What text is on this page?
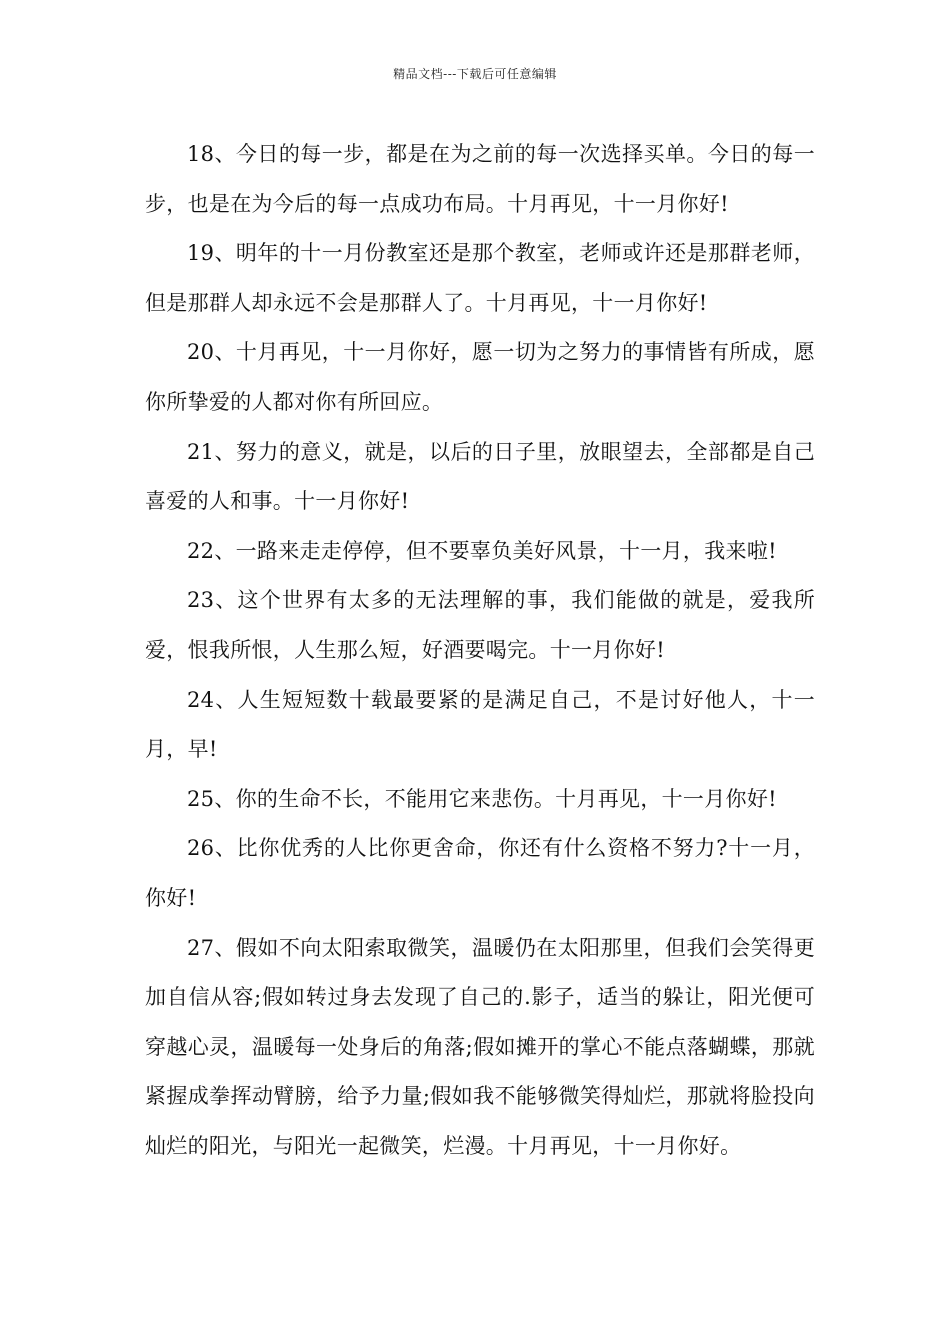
精品文档---下载后可任意编辑

18、今日的每一步，都是在为之前的每一次选择买单。今日的每一步，也是在为今后的每一点成功布局。十月再见，十一月你好!

19、明年的十一月份教室还是那个教室，老师或许还是那群老师，但是那群人却永远不会是那群人了。十月再见，十一月你好!

20、十月再见，十一月你好，愿一切为之努力的事情皆有所成，愿你所挚爱的人都对你有所回应。

21、努力的意义，就是，以后的日子里，放眼望去，全部都是自己喜爱的人和事。十一月你好!

22、一路来走走停停，但不要辜负美好风景，十一月，我来啦!

23、这个世界有太多的无法理解的事，我们能做的就是，爱我所爱，恨我所恨，人生那么短，好酒要喝完。十一月你好!

24、人生短短数十载最要紧的是满足自己，不是讨好他人，十一月，早!

25、你的生命不长，不能用它来悲伤。十月再见，十一月你好!

26、比你优秀的人比你更舍命，你还有什么资格不努力?十一月，你好!

27、假如不向太阳索取微笑，温暖仍在太阳那里，但我们会笑得更加自信从容;假如转过身去发现了自己的.影子，适当的躲让，阳光便可穿越心灵，温暖每一处身后的角落;假如摊开的掌心不能点落蝴蝶，那就紧握成拳挥动臂膀，给予力量;假如我不能够微笑得灿烂，那就将脸投向灿烂的阳光，与阳光一起微笑，烂漫。十月再见，十一月你好。
